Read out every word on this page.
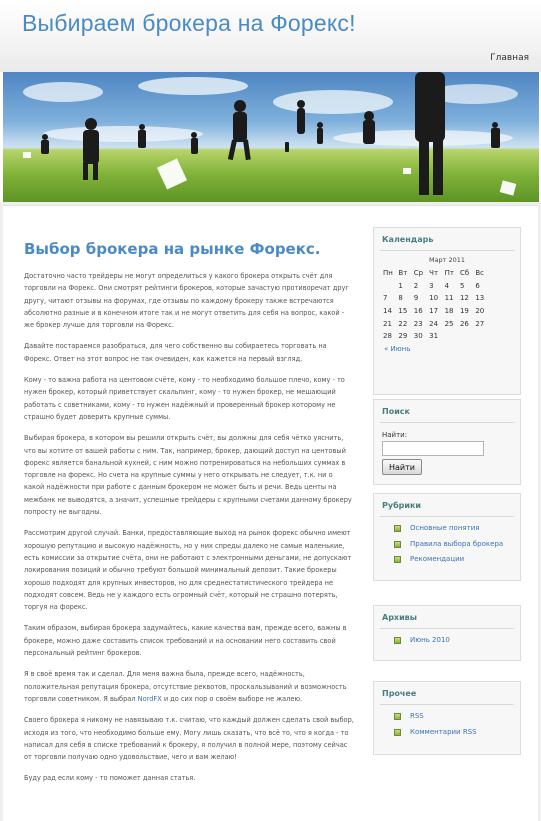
Выбираем брокера на Форекс!
Главная
Выбор брокера на рынке Форекс.

Достаточно часто трейдеры не могут определиться у какого брокера открыть счёт для торговли на Форекс. Они смотрят рейтинги брокеров, которые зачастую противоречат друг другу, читают отзывы на форумах, где отзывы по каждому брокеру также встречаются абсолютно разные и в конечном итоге так и не могут ответить для себя на вопрос, какой - же брокер лучше для торговли на Форекс.

Давайте постараемся разобраться, для чего собственно вы собираетесь торговать на Форекс. Ответ на этот вопрос не так очевиден, как кажется на первый взгляд.

Кому - то важна работа на центовом счёте, кому - то необходимо большое плечо, кому - то нужен брокер, который приветствует скальпинг, кому - то нужен брокер, не мешающий работать с советниками, кому - то нужен надёжный и проверенный брокер которому не страшно будет доверить крупные суммы.

Выбирая брокера, в котором вы решили открыть счёт, вы должны для себя чётко уяснить, что вы хотите от вашей работы с ним. Так, например, брокер, дающий доступ на центовый форекс является банальной кухней, с ним можно потренироваться на небольших суммах в торговле на форекс. Но счета на крупные суммы у него открывать не следует, т.к. ни о какой надёжности при работе с данным брокером не может быть и речи. Ведь центы на межбанк не выводятся, а значит, успешные трейдеры с крупными счетами данному брокеру попросту не выгодны.

Рассмотрим другой случай. Банки, предоставляющие выход на рынок форекс обычно имеют хорошую репутацию и высокую надёжность, но у них спреды далеко не самые маленькие, есть комиссии за открытие счёта, они не работают с электронными деньгами, не допускают локирования позиций и обычно требуют большой минимальный депозит. Такие брокеры хорошо подходят для крупных инвесторов, но для среднестатистического трейдера не подходят совсем. Ведь не у каждого есть огромный счёт, который не страшно потерять, торгуя на форекс.

Таким образом, выбирая брокера задумайтесь, какие качества вам, прежде всего, важны в брокере, можно даже составить список требований и на основании него составить свой персональный рейтинг брокеров.

Я в своё время так и сделал. Для меня важна была, прежде всего, надёжность, положительная репутация брокера, отсутствие реквотов, проскальзываний и возможность торговли советником. Я выбрал NordFX и до сих пор о своём выборе не жалею.

Своего брокера я никому не навязываю т.к. считаю, что каждый должен сделать свой выбор, исходя из того, что необходимо больше ему. Могу лишь сказать, что всё то, что я когда - то написал для себя в списке требований к брокеру, я получил в полной мере, поэтому сейчас от торговли получаю одно удовольствие, чего и вам желаю!

Буду рад если кому - то поможет данная статья.

Календарь
Март 2011
Пн	Вт	Ср	Чт	Пт	Сб	Вс
	1	2	3	4	5	6
7	8	9	10	11	12	13
14	15	16	17	18	19	20
21	22	23	24	25	26	27
28	29	30	31			
« Июнь
Поиск
Найти:
Найти
Рубрики
Основные понятия
Правила выбора брокера
Рекомендации
Архивы
Июнь 2010
Прочее
RSS
Комментарии RSS
